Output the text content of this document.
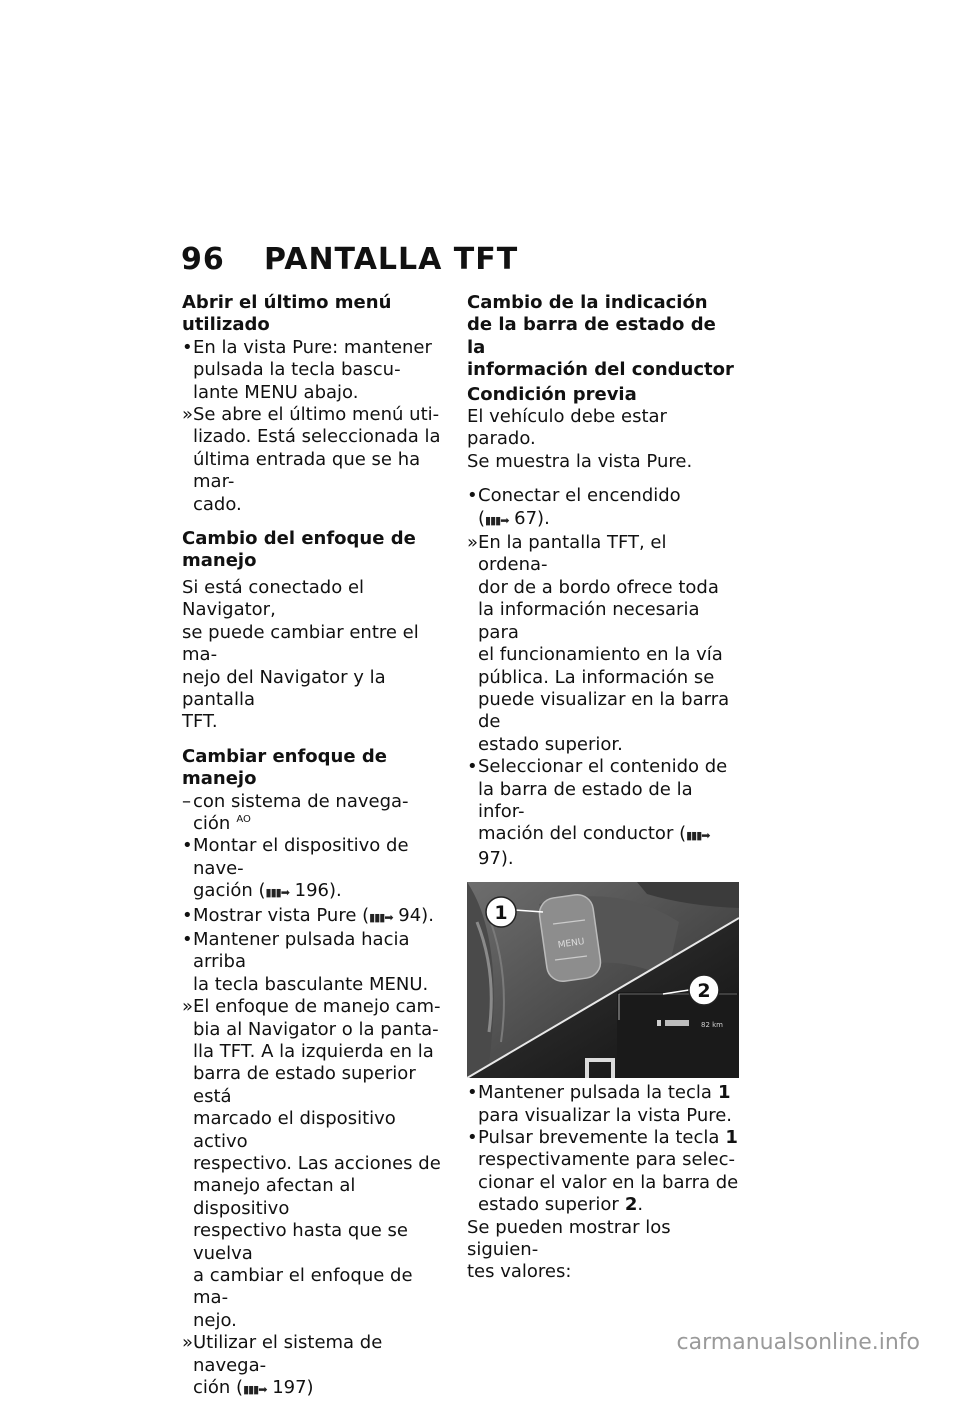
96 PANTALLA TFT

Abrir el último menú utilizado

• En la vista Pure: mantener
pulsada la tecla bascu-
lante MENU abajo.
» Se abre el último menú uti-
lizado. Está seleccionada la
última entrada que se ha mar-
cado.

Cambio del enfoque de
manejo

Si está conectado el Navigator,
se puede cambiar entre el ma-
nejo del Navigator y la pantalla
TFT.

Cambiar enfoque de manejo

– con sistema de navega-
ción $^{AO}$
• Montar el dispositivo de nave-
gación (▮▮▮➡ 196).
• Mostrar vista Pure (▮▮▮➡ 94).
• Mantener pulsada hacia arriba
la tecla basculante MENU.
» El enfoque de manejo cam-
bia al Navigator o la panta-
lla TFT. A la izquierda en la
barra de estado superior está
marcado el dispositivo activo
respectivo. Las acciones de
manejo afectan al dispositivo
respectivo hasta que se vuelva
a cambiar el enfoque de ma-
nejo.
» Utilizar el sistema de navega-
ción (▮▮▮➡ 197)

Cambio de la indicación
de la barra de estado de la
información del conductor

Condición previa

El vehículo debe estar parado.
Se muestra la vista Pure.
• Conectar el encendido
(▮▮▮➡ 67).
» En la pantalla TFT, el ordena-
dor de a bordo ofrece toda
la información necesaria para
el funcionamiento en la vía
pública. La información se
puede visualizar en la barra de
estado superior.
• Seleccionar el contenido de
la barra de estado de la infor-
mación del conductor (▮▮▮➡ 97).
MENU
82 km
1
2
• Mantener pulsada la tecla 1
para visualizar la vista Pure.
• Pulsar brevemente la tecla 1
respectivamente para selec-
cionar el valor en la barra de
estado superior 2.
Se pueden mostrar los siguien-
tes valores:
carmanualsonline.info
